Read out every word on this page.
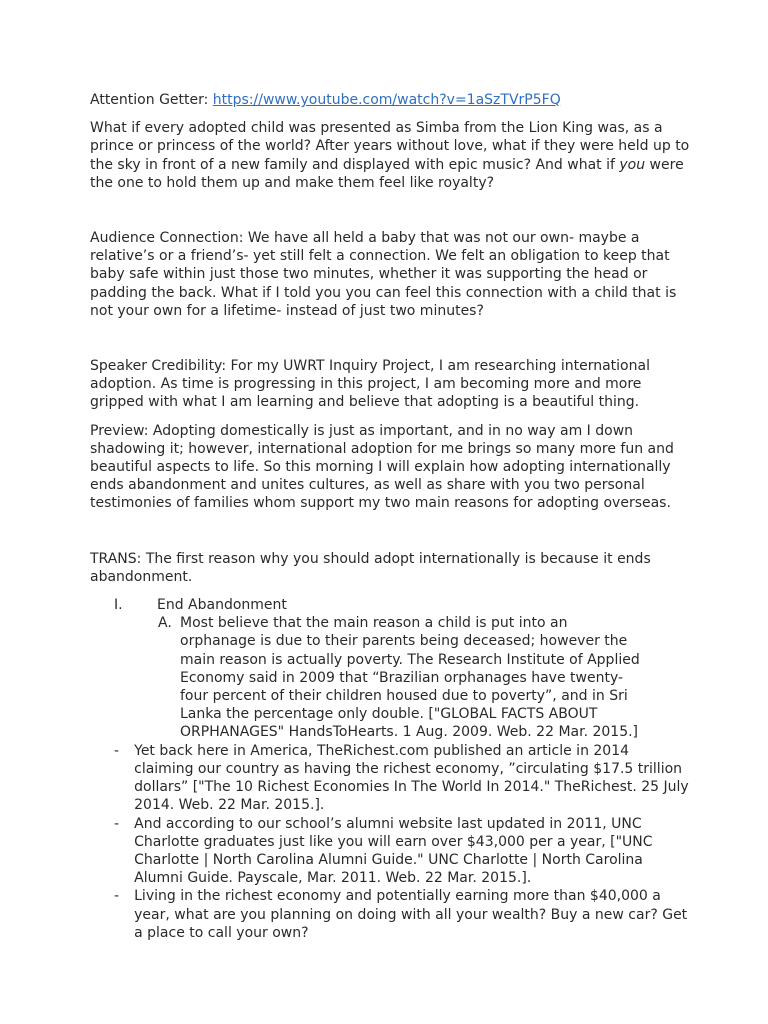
Attention Getter: https://www.youtube.com/watch?v=1aSzTVrP5FQ

What if every adopted child was presented as Simba from the Lion King was, as a prince or princess of the world? After years without love, what if they were held up to the sky in front of a new family and displayed with epic music? And what if you were the one to hold them up and make them feel like royalty?

Audience Connection: We have all held a baby that was not our own- maybe a relative’s or a friend’s- yet still felt a connection. We felt an obligation to keep that baby safe within just those two minutes, whether it was supporting the head or padding the back. What if I told you you can feel this connection with a child that is not your own for a lifetime- instead of just two minutes?

Speaker Credibility: For my UWRT Inquiry Project, I am researching international adoption. As time is progressing in this project, I am becoming more and more gripped with what I am learning and believe that adopting is a beautiful thing.

Preview: Adopting domestically is just as important, and in no way am I down shadowing it; however, international adoption for me brings so many more fun and beautiful aspects to life. So this morning I will explain how adopting internationally ends abandonment and unites cultures, as well as share with you two personal testimonies of families whom support my two main reasons for adopting overseas.

TRANS: The first reason why you should adopt internationally is because it ends abandonment.

I.	End Abandonment
A. Most believe that the main reason a child is put into an orphanage is due to their parents being deceased; however the main reason is actually poverty. The Research Institute of Applied Economy said in 2009 that “Brazilian orphanages have twenty-four percent of their children housed due to poverty”, and in Sri Lanka the percentage only double. ["GLOBAL FACTS ABOUT ORPHANAGES" HandsToHearts. 1 Aug. 2009. Web. 22 Mar. 2015.]
-	Yet back here in America, TheRichest.com published an article in 2014 claiming our country as having the richest economy, ”circulating $17.5 trillion dollars” ["The 10 Richest Economies In The World In 2014." TheRichest. 25 July 2014. Web. 22 Mar. 2015.].
-	And according to our school’s alumni website last updated in 2011, UNC Charlotte graduates just like you will earn over $43,000 per a year, ["UNC Charlotte | North Carolina Alumni Guide." UNC Charlotte | North Carolina Alumni Guide. Payscale, Mar. 2011. Web. 22 Mar. 2015.].
-	Living in the richest economy and potentially earning more than $40,000 a year, what are you planning on doing with all your wealth? Buy a new car? Get a place to call your own?
